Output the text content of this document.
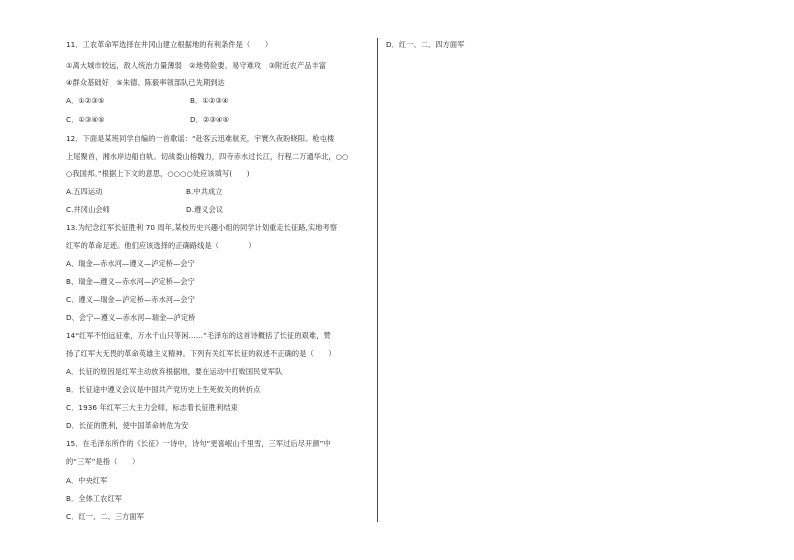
11．工农革命军选择在井冈山建立根据地的有利条件是（　　）
①离大城市较远，敌人统治力量薄弱　②地势险要，易守难攻　③附近农产品丰富
④群众基础好　⑤朱德、陈毅率领部队已先期到达
A．①②③⑤	B．①②③④
C．①③④⑤	D．②③④⑤
12．下面是某班同学自编的一首歌谣：“赴客云迅难航充，宇寰久夜盼晓阳。枪屯楼
上尾聚首，湘水岸边船自轨。切战娄山榕魏力，四寺赤水过长江，行程二万通华北，○○
○我国邦。”根据上下文的意思，○○○○处应该填写(　　)
A.五四运动	B.中共成立
C.井冈山会师	D.遵义会议
13.为纪念红军长征胜利 70 周年,某校历史兴趣小组的同学计划重走长征路,实地考察
红军的革命足迹。他们应该选择的正确路线是（　　　　）
A、瑞金—赤水河—遵义—泸定桥—会宁
B、瑞金—遵义—赤水河—泸定桥—会宁
C、遵义—瑞金—泸定桥—赤水河—会宁
D、会宁—遵义—赤水河—瑞金—泸定桥
14“红军不怕远征难，万水千山只等闲……”毛泽东的这首诗概括了长征的艰难，赞
扬了红军大无畏的革命英雄主义精神。下列有关红军长征的叙述不正确的是（　　）
A．长征的原因是红军主动放弃根据地，要在运动中打败国民党军队
B．长征途中遵义会议是中国共产党历史上生死攸关的转折点
C．1936 年红军三大主力会师，标志着长征胜利结束
D．长征的胜利，使中国革命转危为安
15．在毛泽东所作的《长征》一诗中，诗句“更喜岷山千里雪，三军过后尽开颜”中
的“三军”是指（　　）
A．中央红军
B．全体工农红军
C．红一、二、三方面军
D．红一、二、四方面军
